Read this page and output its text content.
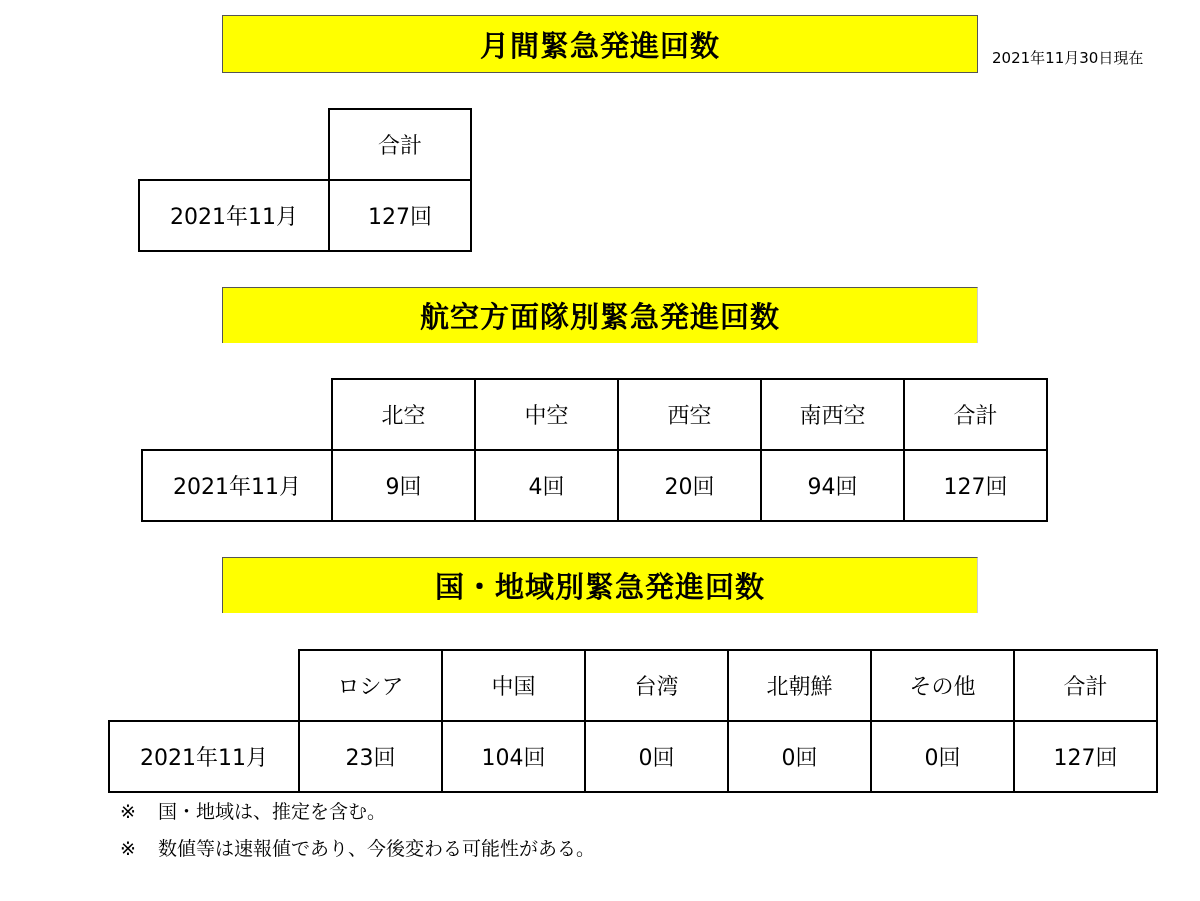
月間緊急発進回数	2021年11月30日現在
	合計
2021年11月	127回
航空方面隊別緊急発進回数
	北空	中空	西空	南西空	合計
2021年11月	9回	4回	20回	94回	127回
国・地域別緊急発進回数
	ロシア	中国	台湾	北朝鮮	その他	合計
2021年11月	23回	104回	0回	0回	0回	127回
※ 国・地域は、推定を含む。
※ 数値等は速報値であり、今後変わる可能性がある。
